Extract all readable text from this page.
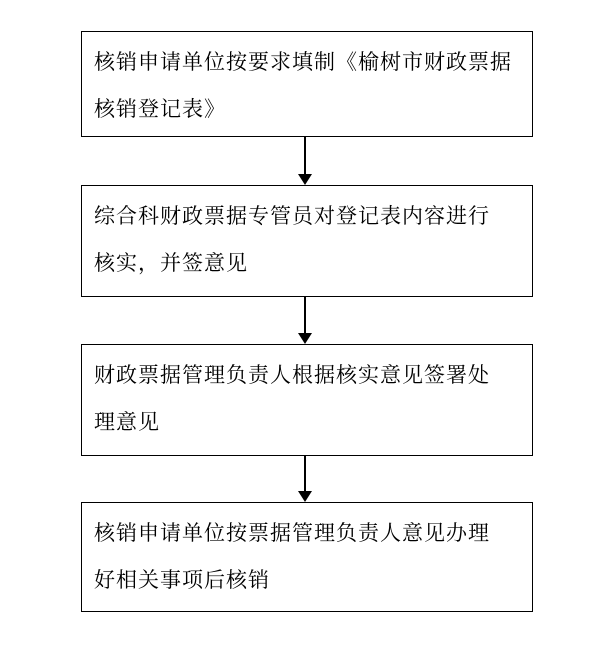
核销申请单位按要求填制《榆树市财政票据
核销登记表》
综合科财政票据专管员对登记表内容进行
核实，并签意见
财政票据管理负责人根据核实意见签署处
理意见
核销申请单位按票据管理负责人意见办理
好相关事项后核销
